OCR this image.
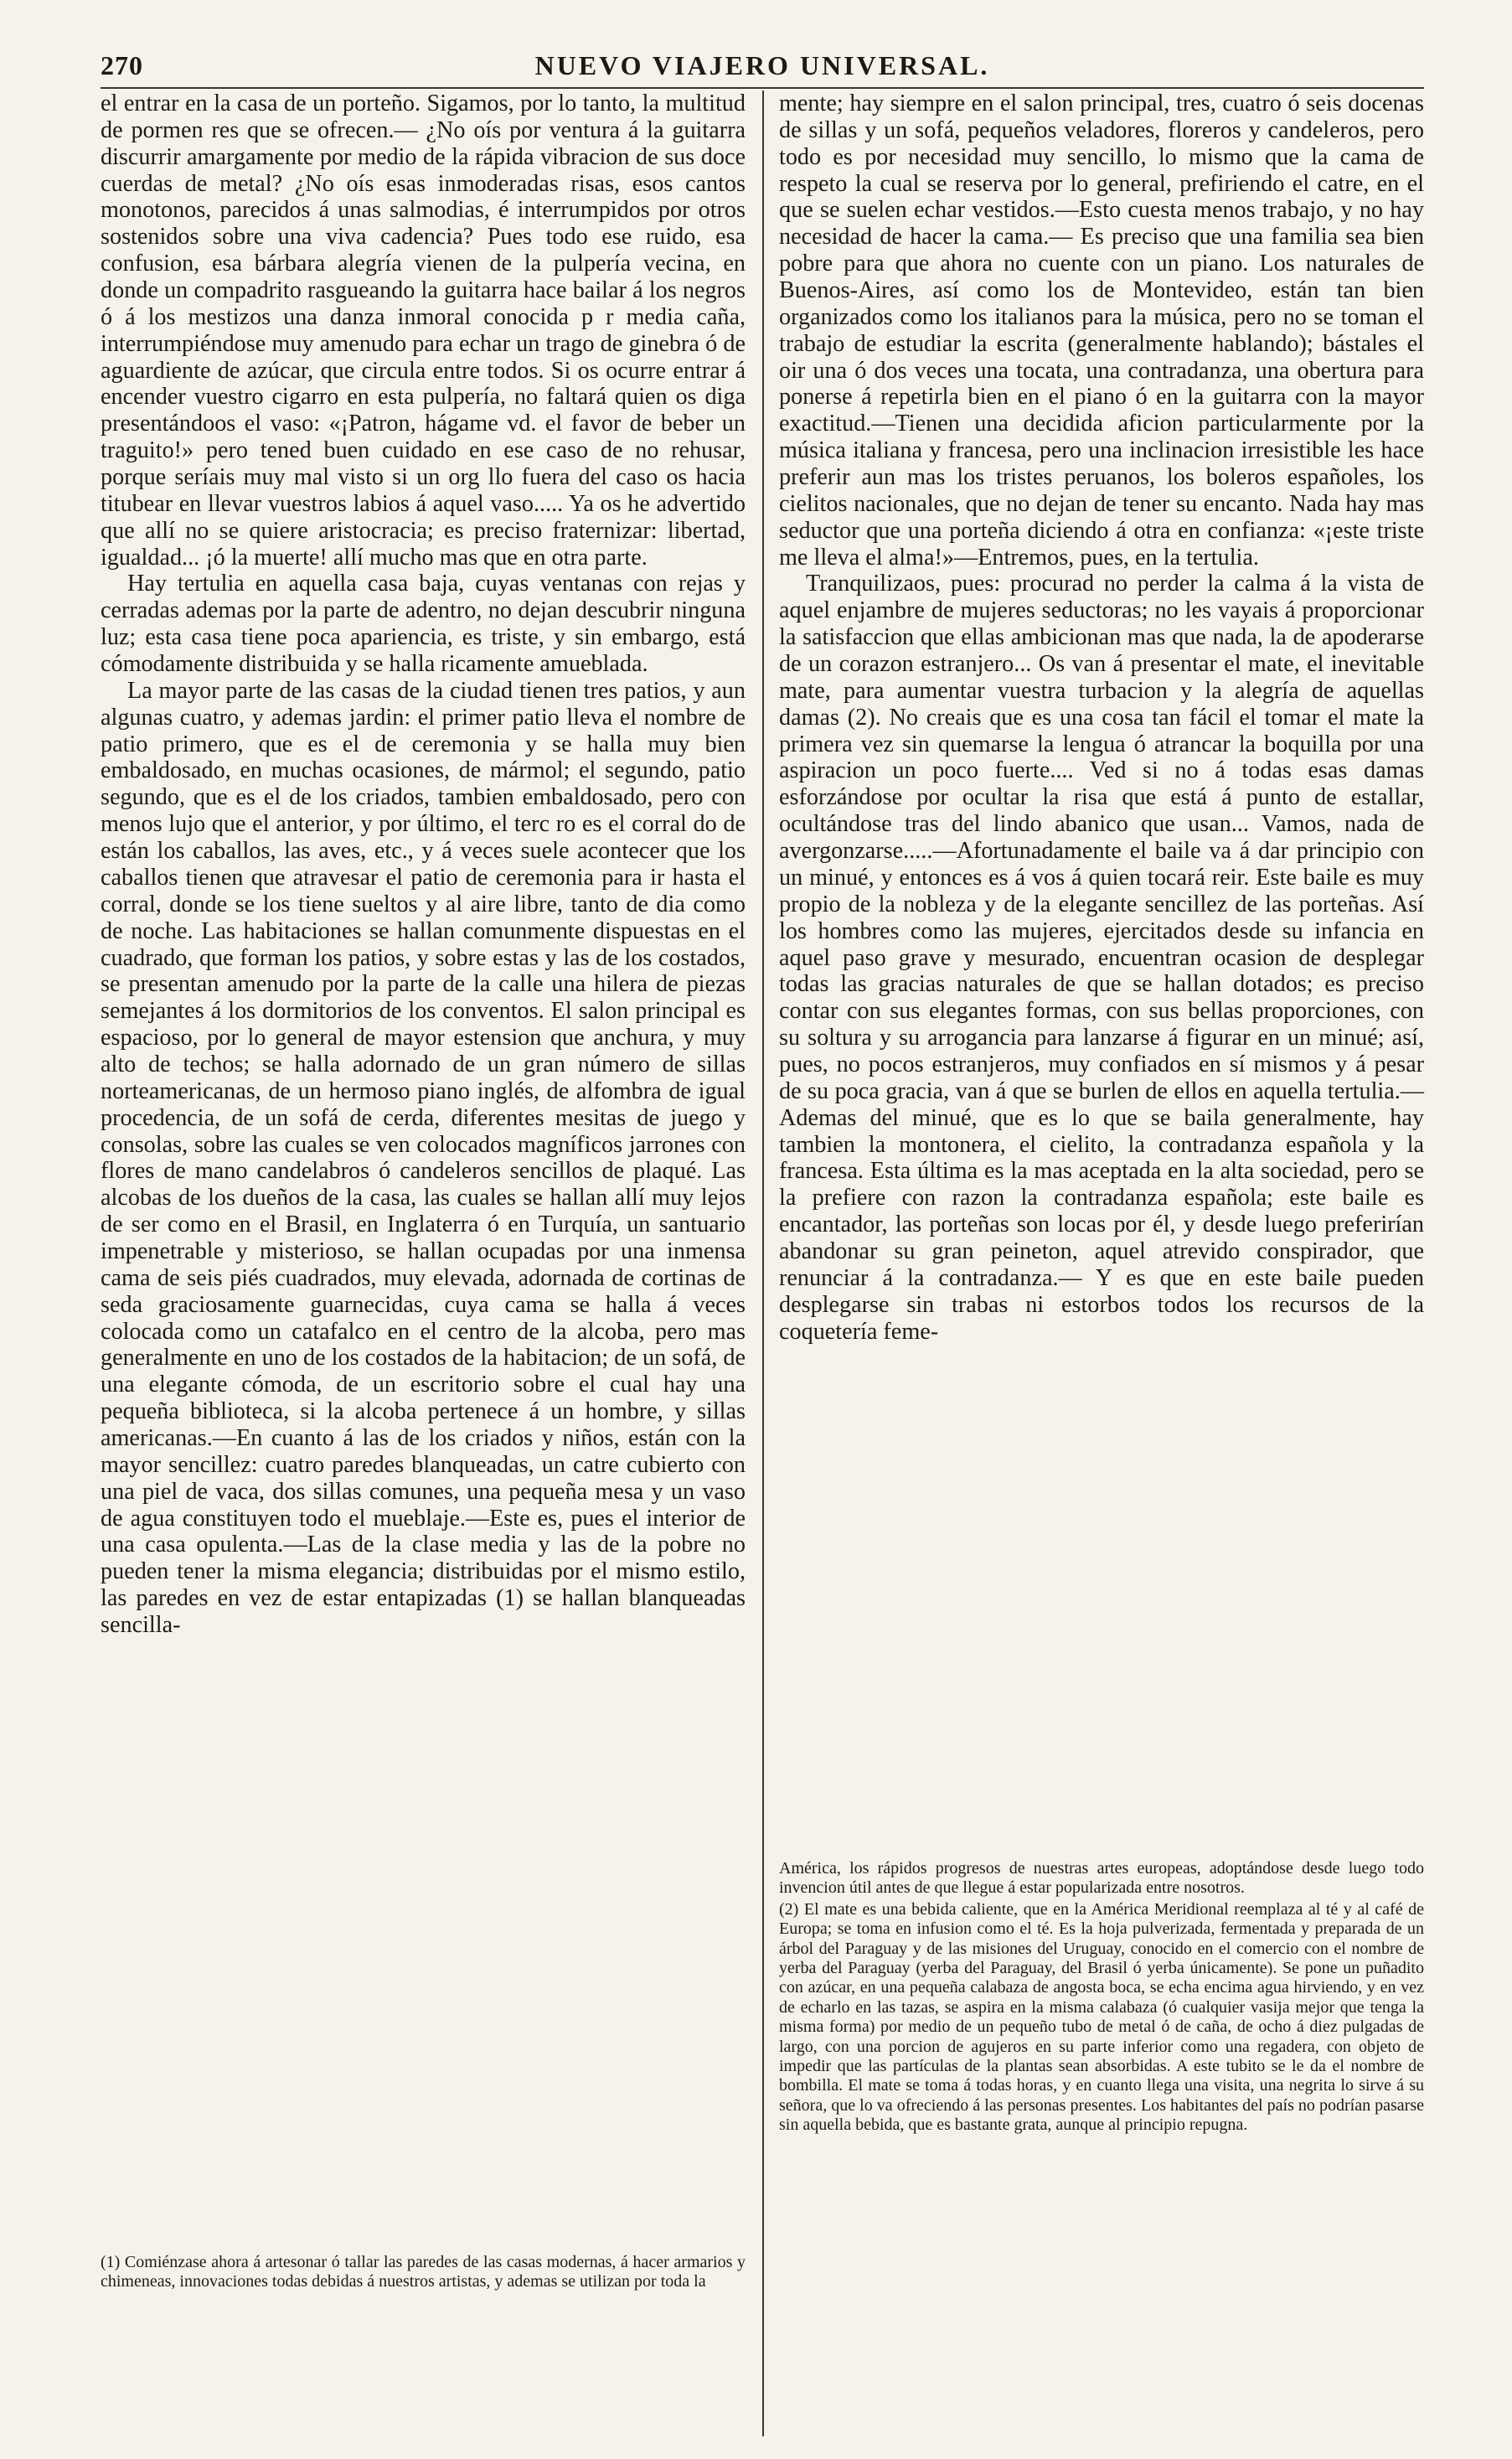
270	NUEVO VIAJERO UNIVERSAL.

el entrar en la casa de un porteño. Sigamos, por lo tanto, la multitud de pormen res que se ofrecen.— ¿No oís por ventura á la guitarra discurrir amargamente por medio de la rápida vibracion de sus doce cuerdas de metal? ¿No oís esas inmoderadas risas, esos cantos monotonos, parecidos á unas salmodias, é interrumpidos por otros sostenidos sobre una viva cadencia? Pues todo ese ruido, esa confusion, esa bárbara alegría vienen de la pulpería vecina, en donde un compadrito rasgueando la guitarra hace bailar á los negros ó á los mestizos una danza inmoral conocida p r media caña, interrumpiéndose muy amenudo para echar un trago de ginebra ó de aguardiente de azúcar, que circula entre todos. Si os ocurre entrar á encender vuestro cigarro en esta pulpería, no faltará quien os diga presentándoos el vaso: «¡Patron, hágame vd. el favor de beber un traguito!» pero tened buen cuidado en ese caso de no rehusar, porque seríais muy mal visto si un org llo fuera del caso os hacia titubear en llevar vuestros labios á aquel vaso..... Ya os he advertido que allí no se quiere aristocracia; es preciso fraternizar: libertad, igualdad... ¡ó la muerte! allí mucho mas que en otra parte.

Hay tertulia en aquella casa baja, cuyas ventanas con rejas y cerradas ademas por la parte de adentro, no dejan descubrir ninguna luz; esta casa tiene poca apariencia, es triste, y sin embargo, está cómodamente distribuida y se halla ricamente amueblada.

La mayor parte de las casas de la ciudad tienen tres patios, y aun algunas cuatro, y ademas jardin: el primer patio lleva el nombre de patio primero, que es el de ceremonia y se halla muy bien embaldosado, en muchas ocasiones, de mármol; el segundo, patio segundo, que es el de los criados, tambien embaldosado, pero con menos lujo que el anterior, y por último, el terc ro es el corral do de están los caballos, las aves, etc., y á veces suele acontecer que los caballos tienen que atravesar el patio de ceremonia para ir hasta el corral, donde se los tiene sueltos y al aire libre, tanto de dia como de noche. Las habitaciones se hallan comunmente dispuestas en el cuadrado, que forman los patios, y sobre estas y las de los costados, se presentan amenudo por la parte de la calle una hilera de piezas semejantes á los dormitorios de los conventos. El salon principal es espacioso, por lo general de mayor estension que anchura, y muy alto de techos; se halla adornado de un gran número de sillas norteamericanas, de un hermoso piano inglés, de alfombra de igual procedencia, de un sofá de cerda, diferentes mesitas de juego y consolas, sobre las cuales se ven colocados magníficos jarrones con flores de mano candelabros ó candeleros sencillos de plaqué. Las alcobas de los dueños de la casa, las cuales se hallan allí muy lejos de ser como en el Brasil, en Inglaterra ó en Turquía, un santuario impenetrable y misterioso, se hallan ocupadas por una inmensa cama de seis piés cuadrados, muy elevada, adornada de cortinas de seda graciosamente guarnecidas, cuya cama se halla á veces colocada como un catafalco en el centro de la alcoba, pero mas generalmente en uno de los costados de la habitacion; de un sofá, de una elegante cómoda, de un escritorio sobre el cual hay una pequeña biblioteca, si la alcoba pertenece á un hombre, y sillas americanas.—En cuanto á las de los criados y niños, están con la mayor sencillez: cuatro paredes blanqueadas, un catre cubierto con una piel de vaca, dos sillas comunes, una pequeña mesa y un vaso de agua constituyen todo el mueblaje.—Este es, pues el interior de una casa opulenta.—Las de la clase media y las de la pobre no pueden tener la misma elegancia; distribuidas por el mismo estilo, las paredes en vez de estar entapizadas (1) se hallan blanqueadas sencilla-

mente; hay siempre en el salon principal, tres, cuatro ó seis docenas de sillas y un sofá, pequeños veladores, floreros y candeleros, pero todo es por necesidad muy sencillo, lo mismo que la cama de respeto la cual se reserva por lo general, prefiriendo el catre, en el que se suelen echar vestidos.—Esto cuesta menos trabajo, y no hay necesidad de hacer la cama.— Es preciso que una familia sea bien pobre para que ahora no cuente con un piano. Los naturales de Buenos-Aires, así como los de Montevideo, están tan bien organizados como los italianos para la música, pero no se toman el trabajo de estudiar la escrita (generalmente hablando); bástales el oir una ó dos veces una tocata, una contradanza, una obertura para ponerse á repetirla bien en el piano ó en la guitarra con la mayor exactitud.—Tienen una decidida aficion particularmente por la música italiana y francesa, pero una inclinacion irresistible les hace preferir aun mas los tristes peruanos, los boleros españoles, los cielitos nacionales, que no dejan de tener su encanto. Nada hay mas seductor que una porteña diciendo á otra en confianza: «¡este triste me lleva el alma!»—Entremos, pues, en la tertulia.

Tranquilizaos, pues: procurad no perder la calma á la vista de aquel enjambre de mujeres seductoras; no les vayais á proporcionar la satisfaccion que ellas ambicionan mas que nada, la de apoderarse de un corazon estranjero... Os van á presentar el mate, el inevitable mate, para aumentar vuestra turbacion y la alegría de aquellas damas (2). No creais que es una cosa tan fácil el tomar el mate la primera vez sin quemarse la lengua ó atrancar la boquilla por una aspiracion un poco fuerte.... Ved si no á todas esas damas esforzándose por ocultar la risa que está á punto de estallar, ocultándose tras del lindo abanico que usan... Vamos, nada de avergonzarse.....—Afortunadamente el baile va á dar principio con un minué, y entonces es á vos á quien tocará reir. Este baile es muy propio de la nobleza y de la elegante sencillez de las porteñas. Así los hombres como las mujeres, ejercitados desde su infancia en aquel paso grave y mesurado, encuentran ocasion de desplegar todas las gracias naturales de que se hallan dotados; es preciso contar con sus elegantes formas, con sus bellas proporciones, con su soltura y su arrogancia para lanzarse á figurar en un minué; así, pues, no pocos estranjeros, muy confiados en sí mismos y á pesar de su poca gracia, van á que se burlen de ellos en aquella tertulia.—Ademas del minué, que es lo que se baila generalmente, hay tambien la montonera, el cielito, la contradanza española y la francesa. Esta última es la mas aceptada en la alta sociedad, pero se la prefiere con razon la contradanza española; este baile es encantador, las porteñas son locas por él, y desde luego preferirían abandonar su gran peineton, aquel atrevido conspirador, que renunciar á la contradanza.— Y es que en este baile pueden desplegarse sin trabas ni estorbos todos los recursos de la coquetería feme-

(1) Comiénzase ahora á artesonar ó tallar las paredes de las casas modernas, á hacer armarios y chimeneas, innovaciones todas debidas á nuestros artistas, y ademas se utilizan por toda la

América, los rápidos progresos de nuestras artes europeas, adoptándose desde luego todo invencion útil antes de que llegue á estar popularizada entre nosotros.

(2) El mate es una bebida caliente, que en la América Meridional reemplaza al té y al café de Europa; se toma en infusion como el té. Es la hoja pulverizada, fermentada y preparada de un árbol del Paraguay y de las misiones del Uruguay, conocido en el comercio con el nombre de yerba del Paraguay (yerba del Paraguay, del Brasil ó yerba únicamente). Se pone un puñadito con azúcar, en una pequeña calabaza de angosta boca, se echa encima agua hirviendo, y en vez de echarlo en las tazas, se aspira en la misma calabaza (ó cualquier vasija mejor que tenga la misma forma) por medio de un pequeño tubo de metal ó de caña, de ocho á diez pulgadas de largo, con una porcion de agujeros en su parte inferior como una regadera, con objeto de impedir que las partículas de la plantas sean absorbidas. A este tubito se le da el nombre de bombilla. El mate se toma á todas horas, y en cuanto llega una visita, una negrita lo sirve á su señora, que lo va ofreciendo á las personas presentes. Los habitantes del país no podrían pasarse sin aquella bebida, que es bastante grata, aunque al principio repugna.
